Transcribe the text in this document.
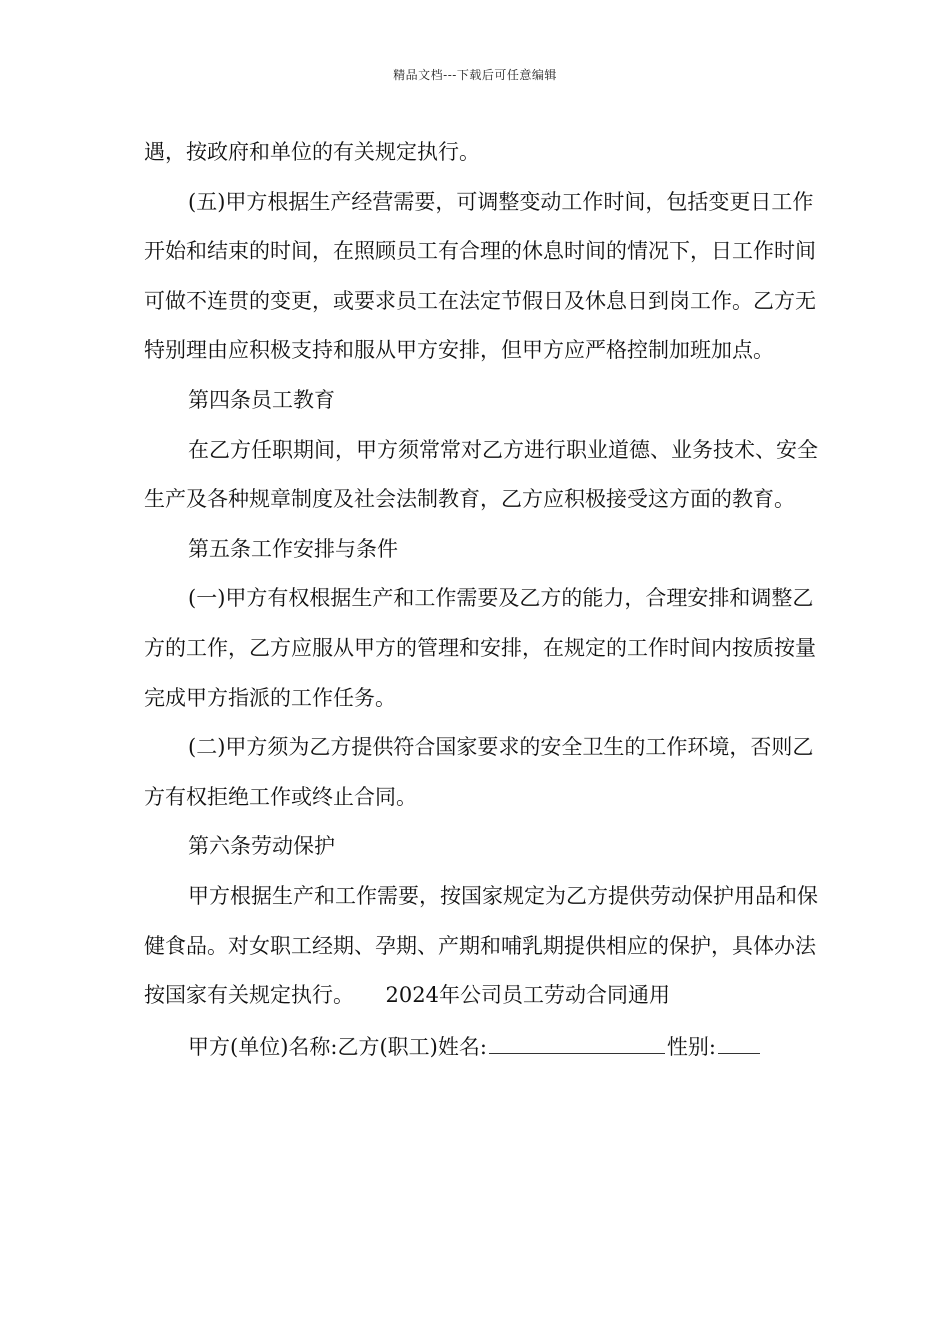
精品文档---下载后可任意编辑

遇，按政府和单位的有关规定执行。

(五)甲方根据生产经营需要，可调整变动工作时间，包括变更日工作开始和结束的时间，在照顾员工有合理的休息时间的情况下，日工作时间可做不连贯的变更，或要求员工在法定节假日及休息日到岗工作。乙方无特别理由应积极支持和服从甲方安排，但甲方应严格控制加班加点。

第四条员工教育

在乙方任职期间，甲方须常常对乙方进行职业道德、业务技术、安全生产及各种规章制度及社会法制教育，乙方应积极接受这方面的教育。

第五条工作安排与条件

(一)甲方有权根据生产和工作需要及乙方的能力，合理安排和调整乙方的工作，乙方应服从甲方的管理和安排，在规定的工作时间内按质按量完成甲方指派的工作任务。

(二)甲方须为乙方提供符合国家要求的安全卫生的工作环境，否则乙方有权拒绝工作或终止合同。

第六条劳动保护

甲方根据生产和工作需要，按国家规定为乙方提供劳动保护用品和保健食品。对女职工经期、孕期、产期和哺乳期提供相应的保护，具体办法按国家有关规定执行。　　2024年公司员工劳动合同通用

甲方(单位)名称:乙方(职工)姓名:	性别:
